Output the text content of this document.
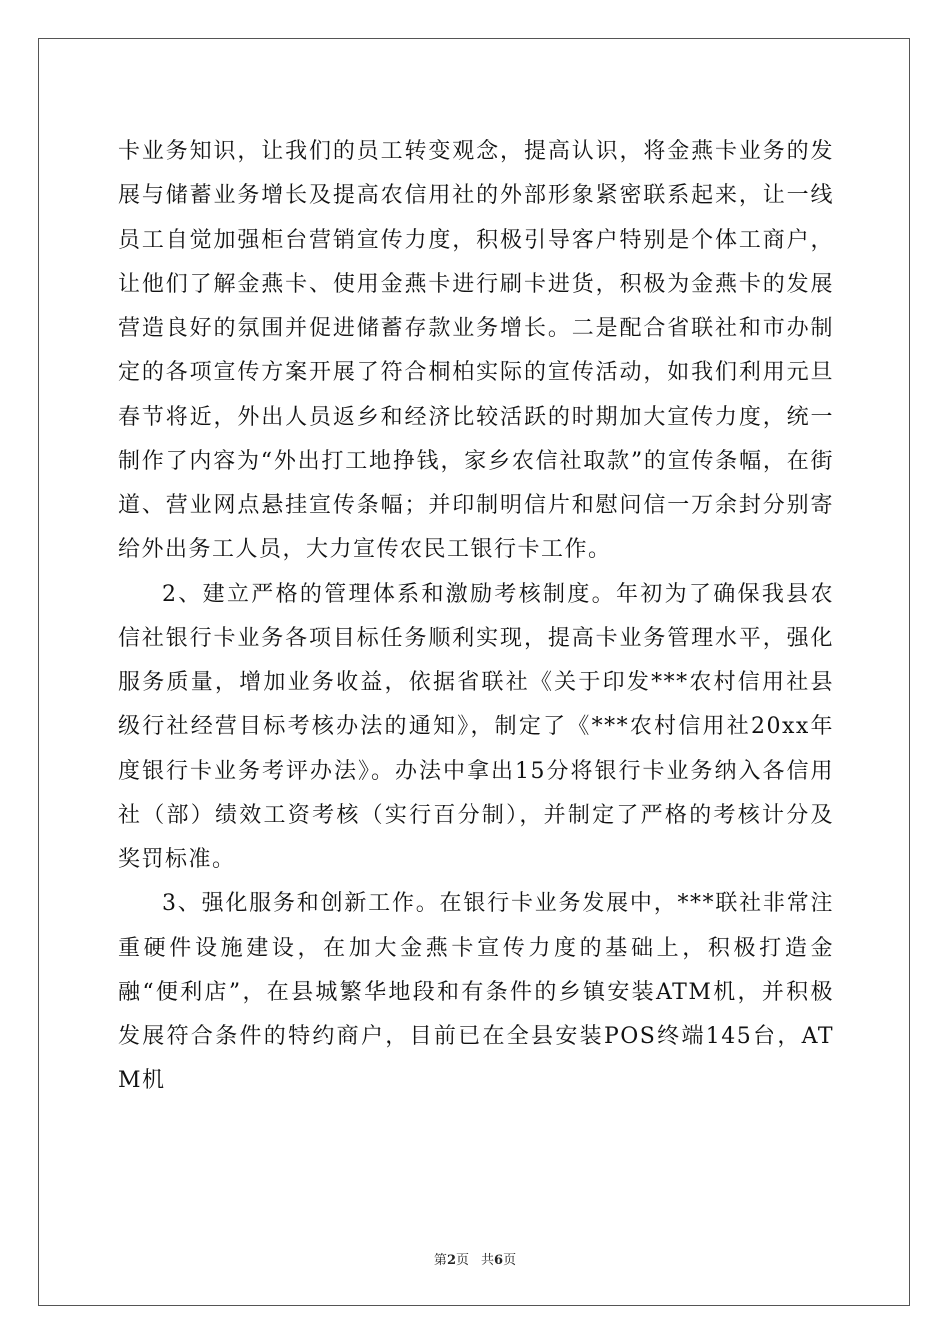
卡业务知识，让我们的员工转变观念，提高认识，将金燕卡业务的发展与储蓄业务增长及提高农信用社的外部形象紧密联系起来，让一线员工自觉加强柜台营销宣传力度，积极引导客户特别是个体工商户，让他们了解金燕卡、使用金燕卡进行刷卡进货，积极为金燕卡的发展营造良好的氛围并促进储蓄存款业务增长。二是配合省联社和市办制定的各项宣传方案开展了符合桐柏实际的宣传活动，如我们利用元旦春节将近，外出人员返乡和经济比较活跃的时期加大宣传力度，统一制作了内容为“外出打工地挣钱，家乡农信社取款”的宣传条幅，在街道、营业网点悬挂宣传条幅；并印制明信片和慰问信一万余封分别寄给外出务工人员，大力宣传农民工银行卡工作。

2、建立严格的管理体系和激励考核制度。年初为了确保我县农信社银行卡业务各项目标任务顺利实现，提高卡业务管理水平，强化服务质量，增加业务收益，依据省联社《关于印发***农村信用社县级行社经营目标考核办法的通知》，制定了《***农村信用社20xx年度银行卡业务考评办法》。办法中拿出15分将银行卡业务纳入各信用社（部）绩效工资考核（实行百分制），并制定了严格的考核计分及奖罚标准。

3、强化服务和创新工作。在银行卡业务发展中，***联社非常注重硬件设施建设，在加大金燕卡宣传力度的基础上，积极打造金融“便利店”，在县城繁华地段和有条件的乡镇安装ATM机，并积极发展符合条件的特约商户，目前已在全县安装POS终端145台，ATM机

第2页 共6页
